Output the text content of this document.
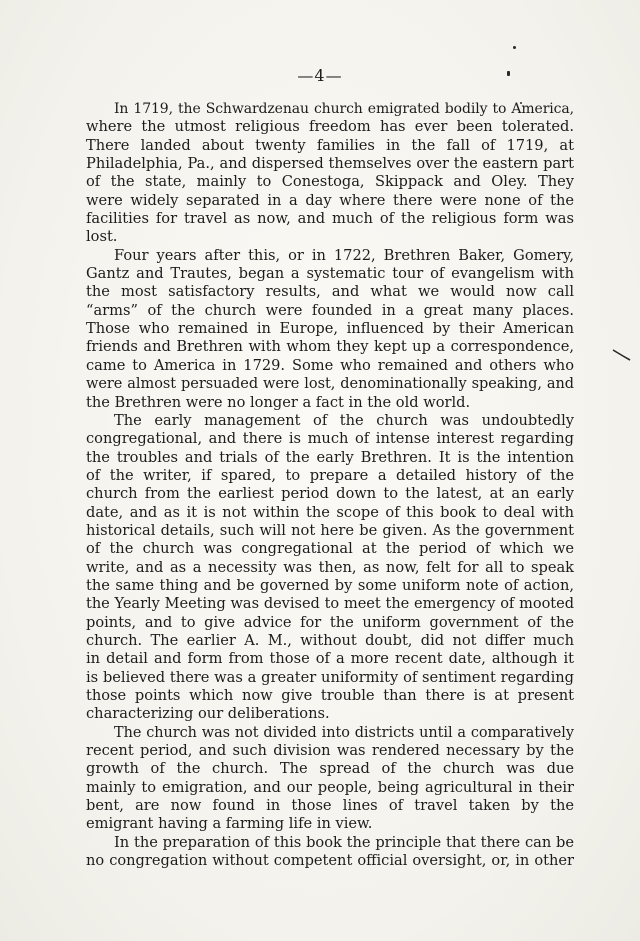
—4—
In 1719, the Schwardzenau church emigrated bodily to America,
where the utmost religious freedom has ever been tolerated.
There landed about twenty families in the fall of 1719, at
Philadelphia, Pa., and dispersed themselves over the eastern part
of the state, mainly to Conestoga, Skippack and Oley. They
were widely separated in a day where there were none of the
facilities for travel as now, and much of the religious form was
lost.
Four years after this, or in 1722, Brethren Baker, Gomery,
Gantz and Trautes, began a systematic tour of evangelism with
the most satisfactory results, and what we would now call
“arms” of the church were founded in a great many places.
Those who remained in Europe, influenced by their American
friends and Brethren with whom they kept up a correspondence,
came to America in 1729. Some who remained and others who
were almost persuaded were lost, denominationally speaking, and
the Brethren were no longer a fact in the old world.
The early management of the church was undoubtedly
congregational, and there is much of intense interest regarding
the troubles and trials of the early Brethren. It is the intention
of the writer, if spared, to prepare a detailed history of the
church from the earliest period down to the latest, at an early
date, and as it is not within the scope of this book to deal with
historical details, such will not here be given. As the government
of the church was congregational at the period of which we
write, and as a necessity was then, as now, felt for all to speak
the same thing and be governed by some uniform note of action,
the Yearly Meeting was devised to meet the emergency of mooted
points, and to give advice for the uniform government of the
church. The earlier A. M., without doubt, did not differ much
in detail and form from those of a more recent date, although it
is believed there was a greater uniformity of sentiment regarding
those points which now give trouble than there is at present
characterizing our deliberations.
The church was not divided into districts until a comparatively
recent period, and such division was rendered necessary by the
growth of the church. The spread of the church was due
mainly to emigration, and our people, being agricultural in their
bent, are now found in those lines of travel taken by the
emigrant having a farming life in view.
In the preparation of this book the principle that there can be
no congregation without competent official oversight, or, in other
